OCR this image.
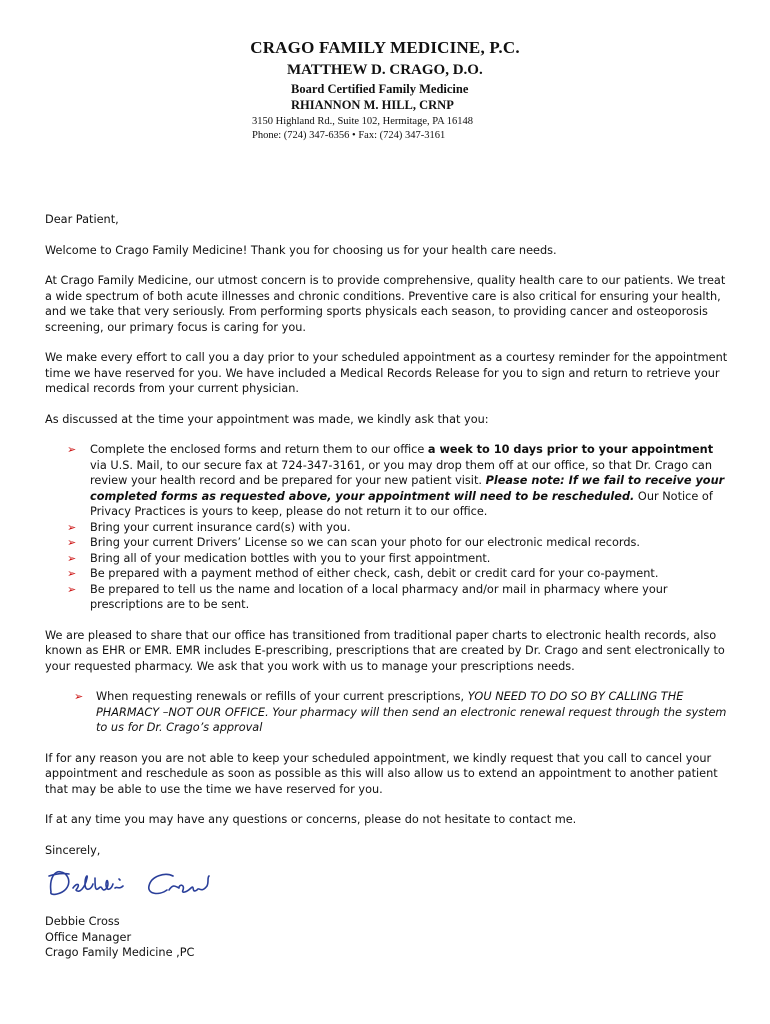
CRAGO FAMILY MEDICINE, P.C.
MATTHEW D. CRAGO, D.O.
Board Certified Family Medicine
RHIANNON M. HILL, CRNP
3150 Highland Rd., Suite 102, Hermitage, PA 16148
Phone: (724) 347-6356 • Fax: (724) 347-3161

Dear Patient,

Welcome to Crago Family Medicine! Thank you for choosing us for your health care needs.

At Crago Family Medicine, our utmost concern is to provide comprehensive, quality health care to our patients. We treat a wide spectrum of both acute illnesses and chronic conditions. Preventive care is also critical for ensuring your health, and we take that very seriously. From performing sports physicals each season, to providing cancer and osteoporosis screening, our primary focus is caring for you.

We make every effort to call you a day prior to your scheduled appointment as a courtesy reminder for the appointment time we have reserved for you. We have included a Medical Records Release for you to sign and return to retrieve your medical records from your current physician.

As discussed at the time your appointment was made, we kindly ask that you:

➢ Complete the enclosed forms and return them to our office a week to 10 days prior to your appointment via U.S. Mail, to our secure fax at 724-347-3161, or you may drop them off at our office, so that Dr. Crago can review your health record and be prepared for your new patient visit. Please note: If we fail to receive your completed forms as requested above, your appointment will need to be rescheduled. Our Notice of Privacy Practices is yours to keep, please do not return it to our office.
➢ Bring your current insurance card(s) with you.
➢ Bring your current Drivers’ License so we can scan your photo for our electronic medical records.
➢ Bring all of your medication bottles with you to your first appointment.
➢ Be prepared with a payment method of either check, cash, debit or credit card for your co-payment.
➢ Be prepared to tell us the name and location of a local pharmacy and/or mail in pharmacy where your prescriptions are to be sent.

We are pleased to share that our office has transitioned from traditional paper charts to electronic health records, also known as EHR or EMR. EMR includes E-prescribing, prescriptions that are created by Dr. Crago and sent electronically to your requested pharmacy. We ask that you work with us to manage your prescriptions needs.

➢ When requesting renewals or refills of your current prescriptions, YOU NEED TO DO SO BY CALLING THE PHARMACY –NOT OUR OFFICE. Your pharmacy will then send an electronic renewal request through the system to us for Dr. Crago’s approval

If for any reason you are not able to keep your scheduled appointment, we kindly request that you call to cancel your appointment and reschedule as soon as possible as this will also allow us to extend an appointment to another patient that may be able to use the time we have reserved for you.

If at any time you may have any questions or concerns, please do not hesitate to contact me.

Sincerely,

Debbie Cross
Office Manager
Crago Family Medicine ,PC
